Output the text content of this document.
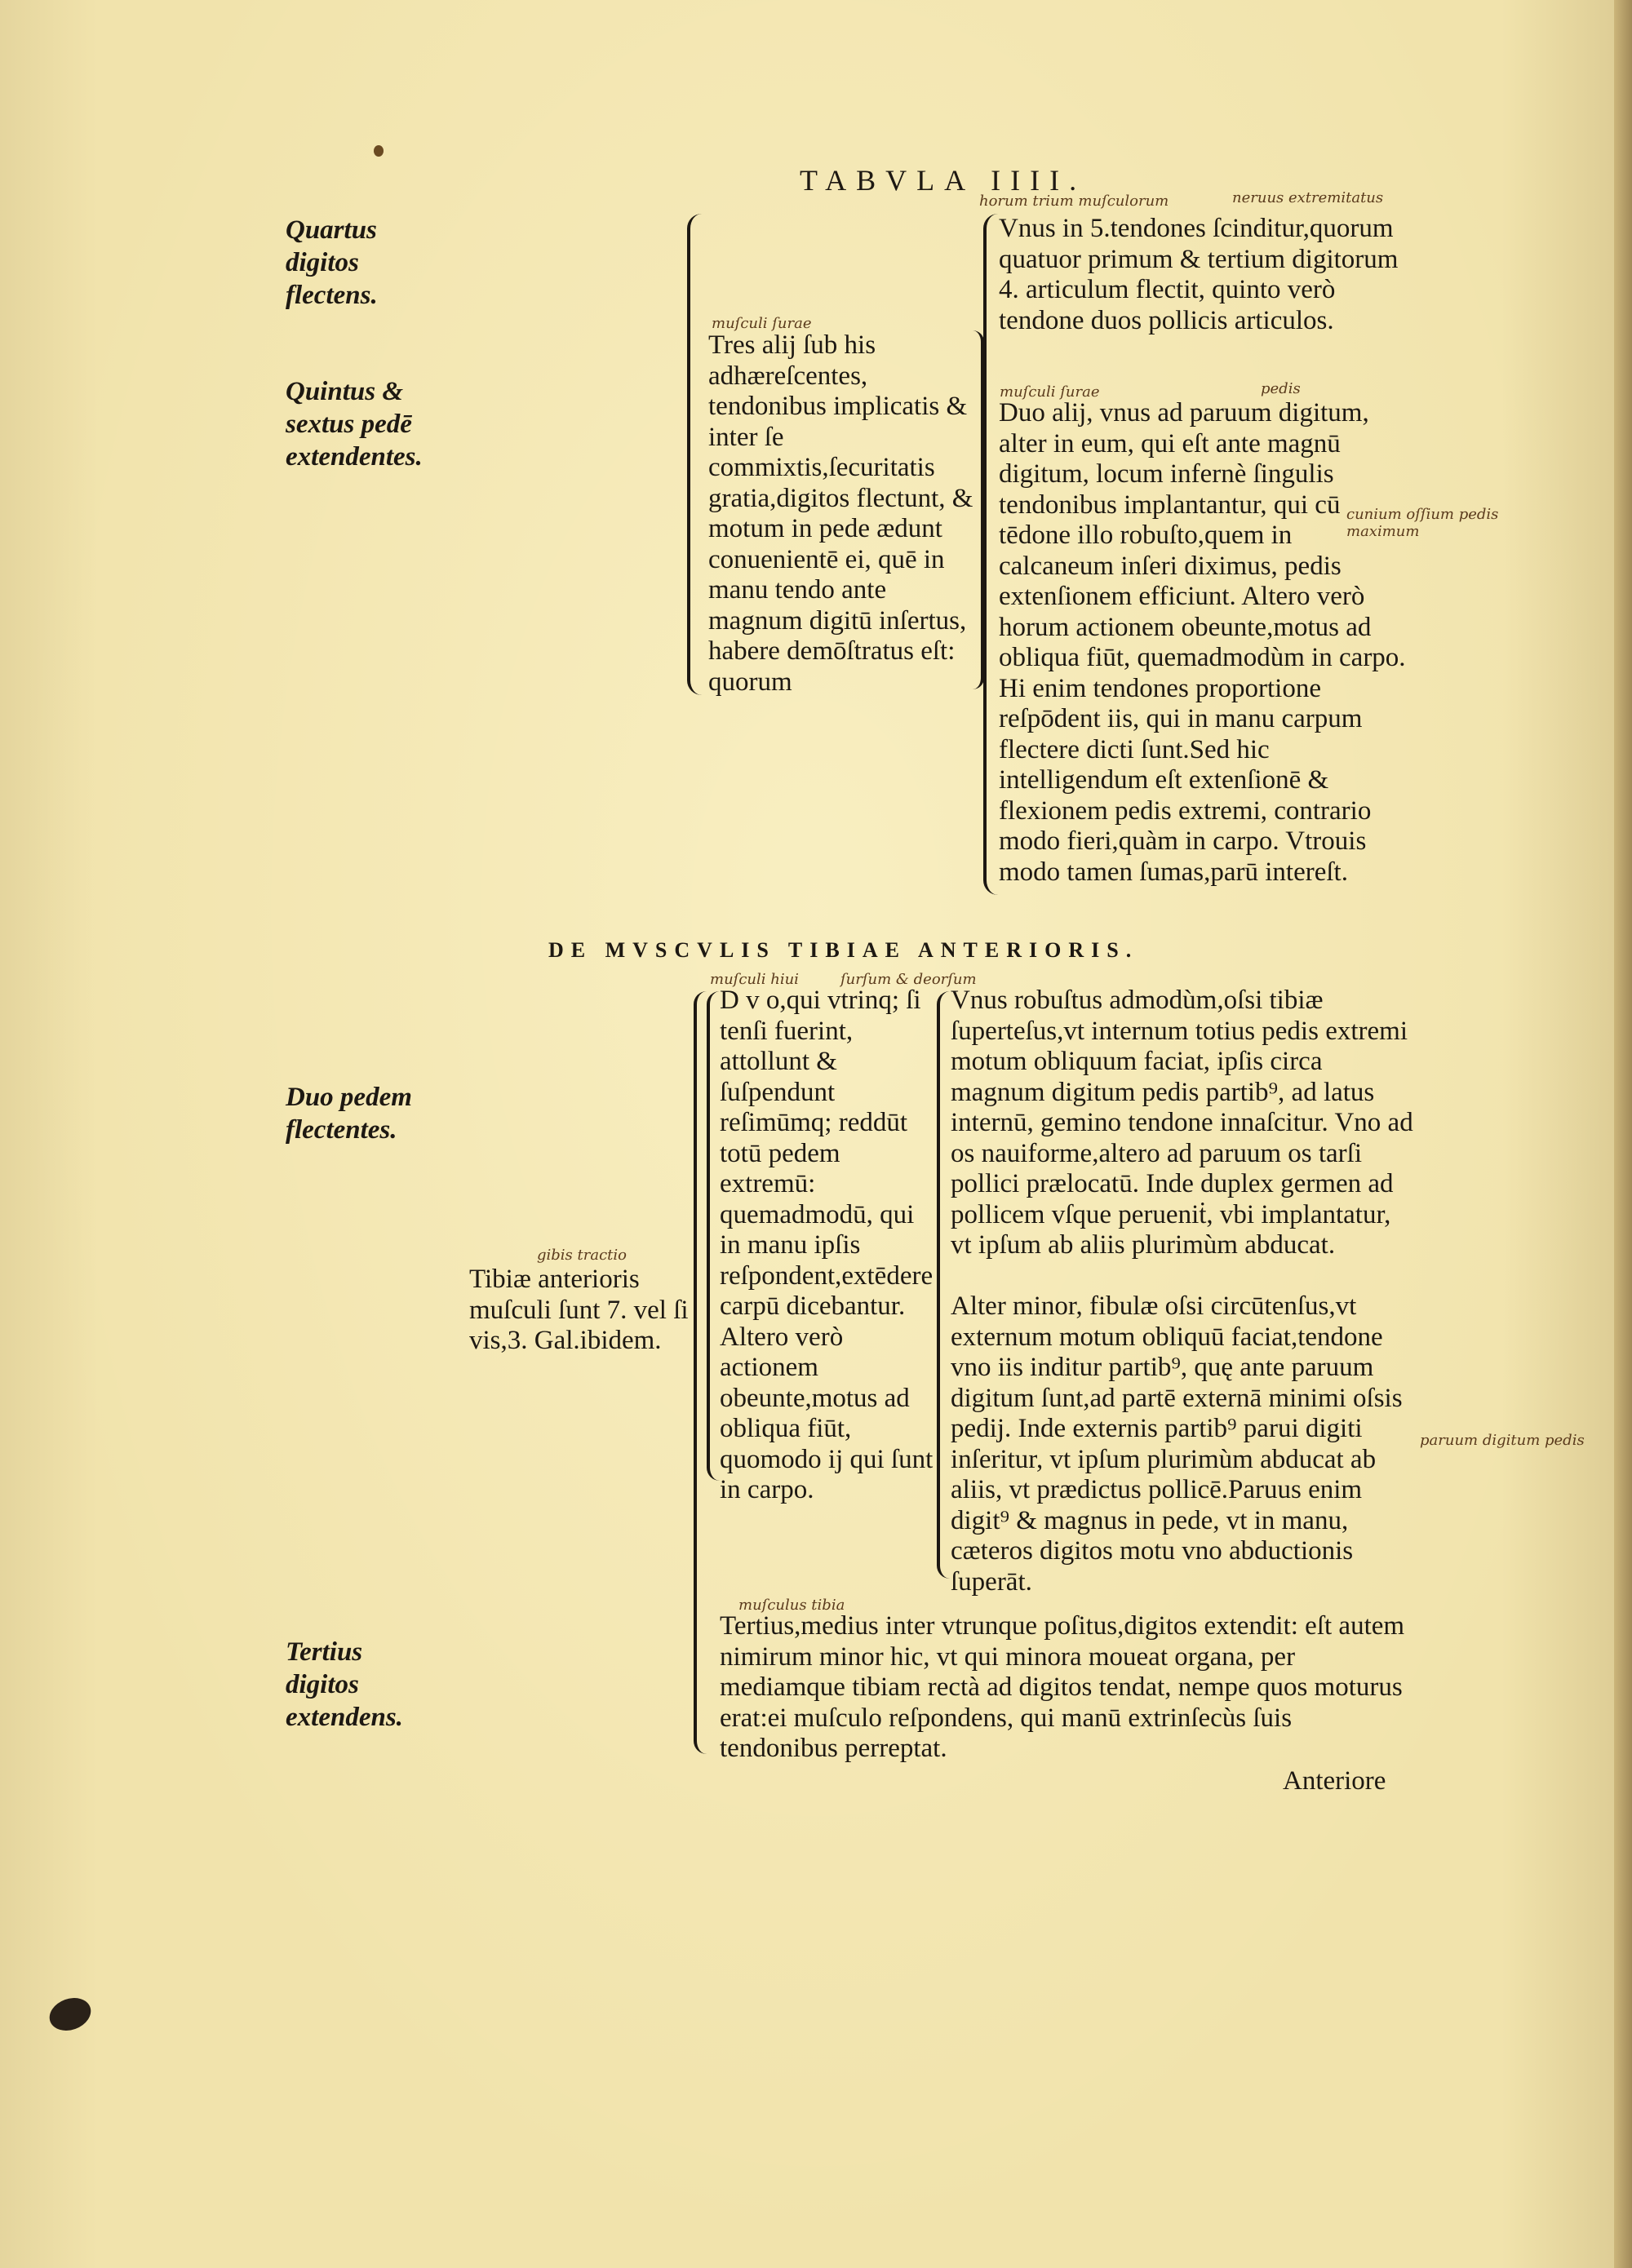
TABVLA IIII.

Quartus digitos flectens.

Quintus & sextus pedē extendentes.

Duo pedem flectentes.

Tertius digitos extendens.

Tres alij ſub his adhæreſcentes, tendonibus implicatis & inter ſe commixtis,ſecuritatis gratia,digitos flectunt, & motum in pede ædunt conuenientē ei, quē in manu tendo ante magnum digitū inſertus, habere demōſtratus eſt: quorum

Vnus in 5.tendones ſcinditur,quorum quatuor primum & tertium digitorum 4. articulum flectit, quinto verò tendone duos pollicis articulos.

Duo alij, vnus ad paruum digitum, alter in eum, qui eſt ante magnū digitum, locum infernè ſingulis tendonibus implantantur, qui cū tēdone illo robuſto,quem in calcaneum inſeri diximus, pedis extenſionem efficiunt. Altero verò horum actionem obeunte,motus ad obliqua fiūt, quemadmodùm in carpo. Hi enim tendones proportione reſpōdent iis, qui in manu carpum flectere dicti ſunt.Sed hic intelligendum eſt extenſionē & flexionem pedis extremi, contrario modo fieri,quàm in carpo. Vtrouis modo tamen ſumas,parū intereſt.

DE MVSCVLIS TIBIAE ANTERIORIS.

Tibiæ anterioris muſculi ſunt 7. vel ſi vis,3. Gal.ibidem.

D v o,qui vtrinq; ſi tenſi fuerint, attollunt & ſuſpendunt reſimūmq; reddūt totū pedem extremū: quemadmodū, qui in manu ipſis reſpondent,extēdere carpū dicebantur. Altero verò actionem obeunte,motus ad obliqua fiūt, quomodo ij qui ſunt in carpo.

Vnus robuſtus admodùm,oſsi tibiæ ſuperteſus,vt internum totius pedis extremi motum obliquum faciat, ipſis circa magnum digitum pedis partib⁹, ad latus internū, gemino tendone innaſcitur. Vno ad os nauiforme,altero ad paruum os tarſi pollici prælocatū. Inde duplex germen ad pollicem vſque perueniṫ, vbi implantatur, vt ipſum ab aliis plurimùm abducat.

Alter minor, fibulæ oſsi circūtenſus,vt externum motum obliquū faciat,tendone vno iis inditur partib⁹, quę ante paruum digitum ſunt,ad partē externā minimi oſsis pedij. Inde externis partib⁹ parui digiti inſeritur, vt ipſum plurimùm abducat ab aliis, vt prædictus pollicē.Paruus enim digit⁹ & magnus in pede, vt in manu, cæteros digitos motu vno abductionis ſuperāt.

Tertius,medius inter vtrunque poſitus,digitos extendit: eſt autem nimirum minor hic, vt qui minora moueat organa, per mediamque tibiam rectà ad digitos tendat, nempe quos moturus erat:ei muſculo reſpondens, qui manū extrinſecùs ſuis tendonibus perreptat.

Anteriore

horum trium muſculorum	neruus extremitatus

muſculi ſurae

muſculi ſurae	pedis

cunium oſſium pedis maximum

muſculi hiui	ſurſum & deorſum

gibis tractio

paruum digitum pedis

muſculus tibia
